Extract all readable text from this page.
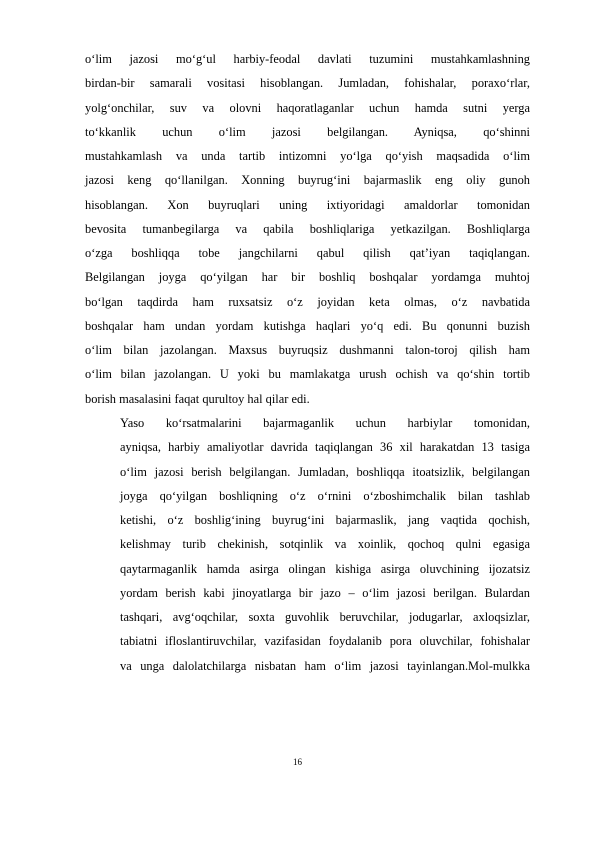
o‘lim jazosi mo‘g‘ul harbiy-feodal davlati tuzumini mustahkamlashning
birdan-bir samarali vositasi hisoblangan. Jumladan, fohishalar, poraxo‘rlar,
yolg‘onchilar, suv va olovni haqoratlaganlar uchun hamda sutni yerga
to‘kkanlik uchun o‘lim jazosi belgilangan. Ayniqsa, qo‘shinni
mustahkamlash va unda tartib intizomni yo‘lga qo‘yish maqsadida o‘lim
jazosi keng qo‘llanilgan. Xonning buyrug‘ini bajarmaslik eng oliy gunoh
hisoblangan. Xon buyruqlari uning ixtiyoridagi amaldorlar tomonidan
bevosita tumanbegilarga va qabila boshliqlariga yetkazilgan. Boshliqlarga
o‘zga boshliqqa tobe jangchilarni qabul qilish qat’iyan taqiqlangan.
Belgilangan joyga qo‘yilgan har bir boshliq boshqalar yordamga muhtoj
bo‘lgan taqdirda ham ruxsatsiz o‘z joyidan keta olmas, o‘z navbatida
boshqalar ham undan yordam kutishga haqlari yo‘q edi. Bu qonunni buzish
o‘lim bilan jazolangan. Maxsus buyruqsiz dushmanni talon-toroj qilish ham
o‘lim bilan jazolangan. U yoki bu mamlakatga urush ochish va qo‘shin tortib
borish masalasini faqat qurultoy hal qilar edi.

Yaso ko‘rsatmalarini bajarmaganlik uchun harbiylar tomonidan,
ayniqsa, harbiy amaliyotlar davrida taqiqlangan 36 xil harakatdan 13 tasiga
o‘lim jazosi berish belgilangan. Jumladan, boshliqqa itoatsizlik, belgilangan
joyga qo‘yilgan boshliqning o‘z o‘rnini o‘zboshimchalik bilan tashlab
ketishi, o‘z boshlig‘ining buyrug‘ini bajarmaslik, jang vaqtida qochish,
kelishmay turib chekinish, sotqinlik va xoinlik, qochoq qulni egasiga
qaytarmaganlik hamda asirga olingan kishiga asirga oluvchining ijozatsiz
yordam berish kabi jinoyatlarga bir jazo – o‘lim jazosi berilgan. Bulardan
tashqari, avg‘oqchilar, soxta guvohlik beruvchilar, jodugarlar, axloqsizlar,
tabiatni ifloslantiruvchilar, vazifasidan foydalanib pora oluvchilar, fohishalar
va unga dalolatchilarga nisbatan ham o‘lim jazosi tayinlangan.Mol-mulkka

16
